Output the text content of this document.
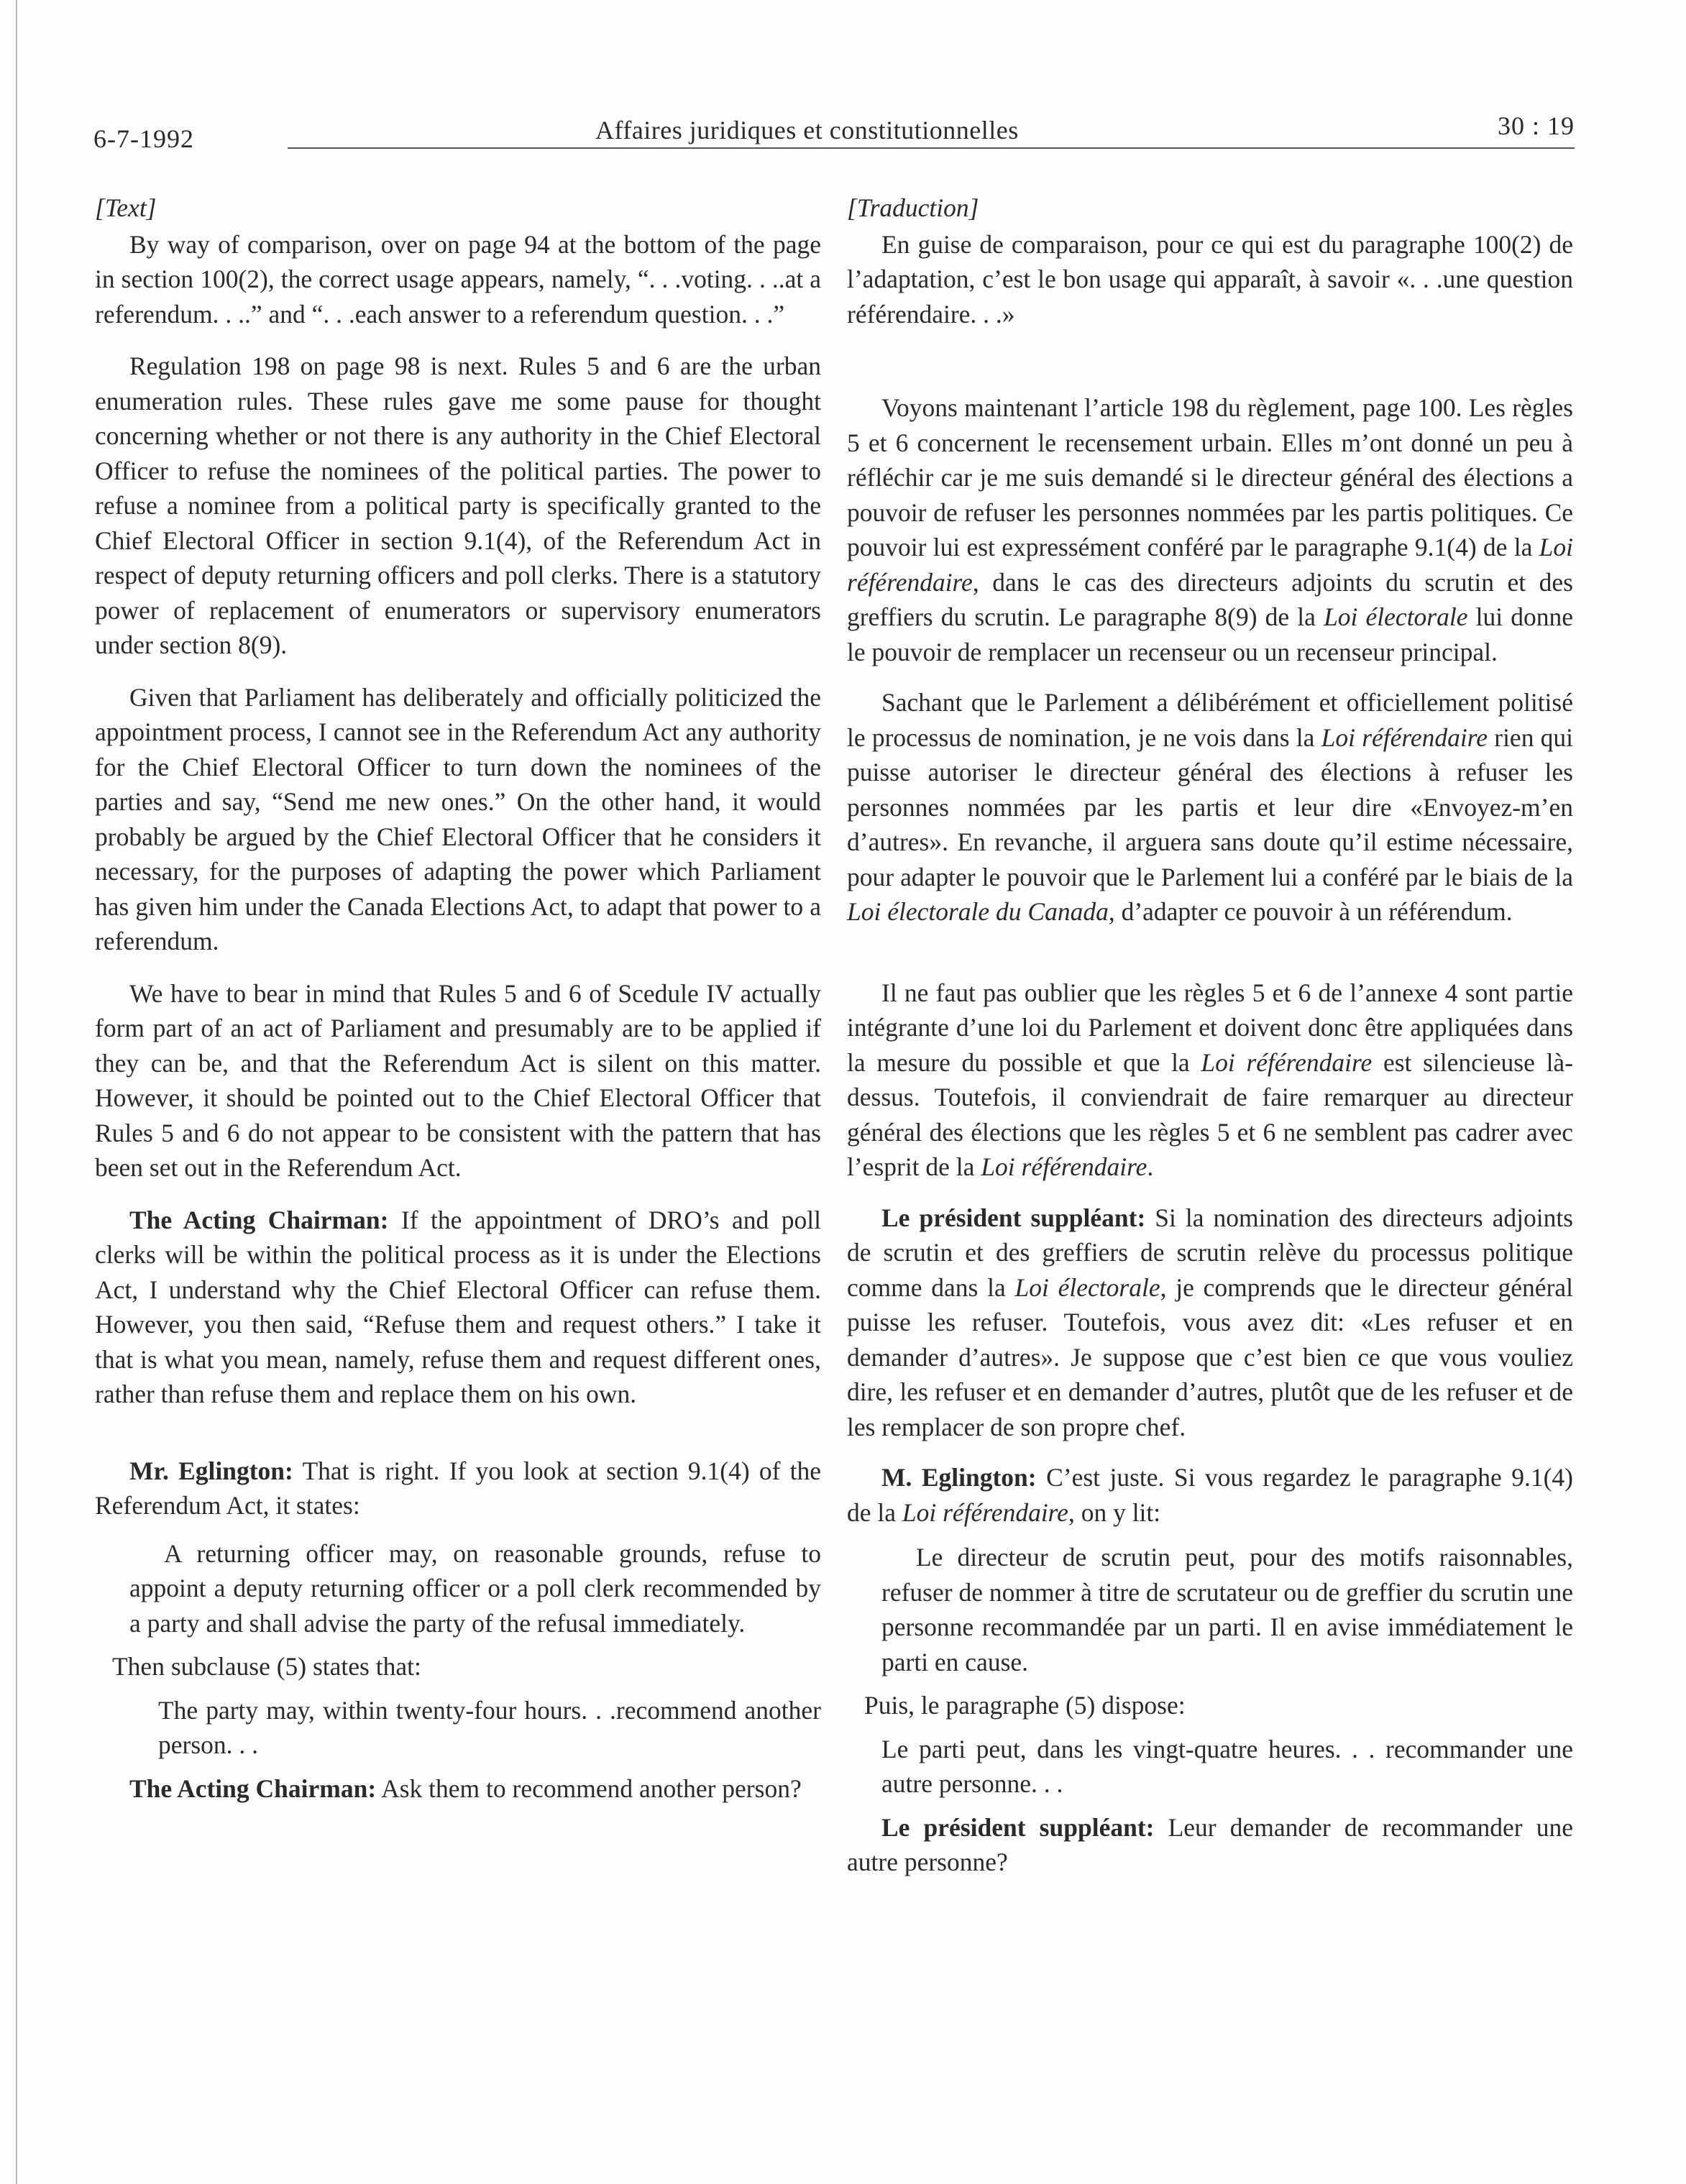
6-7-1992	Affaires juridiques et constitutionnelles	30 : 19

[Text]

By way of comparison, over on page 94 at the bottom of the page in section 100(2), the correct usage appears, namely, “. . .voting. . ..at a referendum. . ..” and “. . .each answer to a referendum question. . .”

Regulation 198 on page 98 is next. Rules 5 and 6 are the urban enumeration rules. These rules gave me some pause for thought concerning whether or not there is any authority in the Chief Electoral Officer to refuse the nominees of the political parties. The power to refuse a nominee from a political party is specifically granted to the Chief Electoral Officer in section 9.1(4), of the Referendum Act in respect of deputy returning officers and poll clerks. There is a statutory power of replacement of enumerators or supervisory enumerators under section 8(9).

Given that Parliament has deliberately and officially politicized the appointment process, I cannot see in the Referendum Act any authority for the Chief Electoral Officer to turn down the nominees of the parties and say, “Send me new ones.” On the other hand, it would probably be argued by the Chief Electoral Officer that he considers it necessary, for the purposes of adapting the power which Parliament has given him under the Canada Elections Act, to adapt that power to a referendum.

We have to bear in mind that Rules 5 and 6 of Scedule IV actually form part of an act of Parliament and presumably are to be applied if they can be, and that the Referendum Act is silent on this matter. However, it should be pointed out to the Chief Electoral Officer that Rules 5 and 6 do not appear to be consistent with the pattern that has been set out in the Referendum Act.

The Acting Chairman: If the appointment of DRO’s and poll clerks will be within the political process as it is under the Elections Act, I understand why the Chief Electoral Officer can refuse them. However, you then said, “Refuse them and request others.” I take it that is what you mean, namely, refuse them and request different ones, rather than refuse them and replace them on his own.

Mr. Eglington: That is right. If you look at section 9.1(4) of the Referendum Act, it states:

A returning officer may, on reasonable grounds, refuse to appoint a deputy returning officer or a poll clerk recommended by a party and shall advise the party of the refusal immediately.

Then subclause (5) states that:

The party may, within twenty-four hours. . .recommend another person. . .

The Acting Chairman: Ask them to recommend another person?

[Traduction]

En guise de comparaison, pour ce qui est du paragraphe 100(2) de l’adaptation, c’est le bon usage qui apparaît, à savoir «. . .une question référendaire. . .»

Voyons maintenant l’article 198 du règlement, page 100. Les règles 5 et 6 concernent le recensement urbain. Elles m’ont donné un peu à réfléchir car je me suis demandé si le directeur général des élections a pouvoir de refuser les personnes nommées par les partis politiques. Ce pouvoir lui est expressément conféré par le paragraphe 9.1(4) de la Loi référendaire, dans le cas des directeurs adjoints du scrutin et des greffiers du scrutin. Le paragraphe 8(9) de la Loi électorale lui donne le pouvoir de remplacer un recenseur ou un recenseur principal.

Sachant que le Parlement a délibérément et officiellement politisé le processus de nomination, je ne vois dans la Loi référendaire rien qui puisse autoriser le directeur général des élections à refuser les personnes nommées par les partis et leur dire «Envoyez-m’en d’autres». En revanche, il arguera sans doute qu’il estime nécessaire, pour adapter le pouvoir que le Parlement lui a conféré par le biais de la Loi électorale du Canada, d’adapter ce pouvoir à un référendum.

Il ne faut pas oublier que les règles 5 et 6 de l’annexe 4 sont partie intégrante d’une loi du Parlement et doivent donc être appliquées dans la mesure du possible et que la Loi référendaire est silencieuse là-dessus. Toutefois, il conviendrait de faire remarquer au directeur général des élections que les règles 5 et 6 ne semblent pas cadrer avec l’esprit de la Loi référendaire.

Le président suppléant: Si la nomination des directeurs adjoints de scrutin et des greffiers de scrutin relève du processus politique comme dans la Loi électorale, je comprends que le directeur général puisse les refuser. Toutefois, vous avez dit: «Les refuser et en demander d’autres». Je suppose que c’est bien ce que vous vouliez dire, les refuser et en demander d’autres, plutôt que de les refuser et de les remplacer de son propre chef.

M. Eglington: C’est juste. Si vous regardez le paragraphe 9.1(4) de la Loi référendaire, on y lit:

Le directeur de scrutin peut, pour des motifs raisonnables, refuser de nommer à titre de scrutateur ou de greffier du scrutin une personne recommandée par un parti. Il en avise immédiatement le parti en cause.

Puis, le paragraphe (5) dispose:

Le parti peut, dans les vingt-quatre heures. . . recommander une autre personne. . .

Le président suppléant: Leur demander de recommander une autre personne?
